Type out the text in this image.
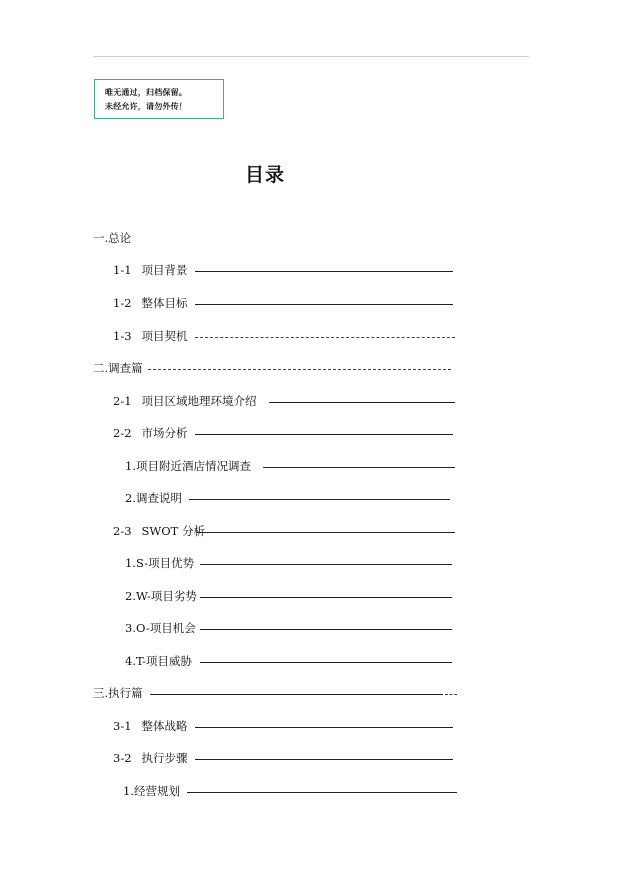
唯无通过，归档保留。
未经允许，请勿外传！
目录
一.总论
1-1 项目背景
1-2 整体目标
1-3 项目契机
二.调查篇
2-1 项目区域地理环境介绍
2-2 市场分析
1.项目附近酒店情况调查
2.调查说明
2-3 SWOT 分析
1.S-项目优势
2.W-项目劣势
3.O-项目机会
4.T-项目威胁
三.执行篇
3-1 整体战略
3-2 执行步骤
1.经营规划
